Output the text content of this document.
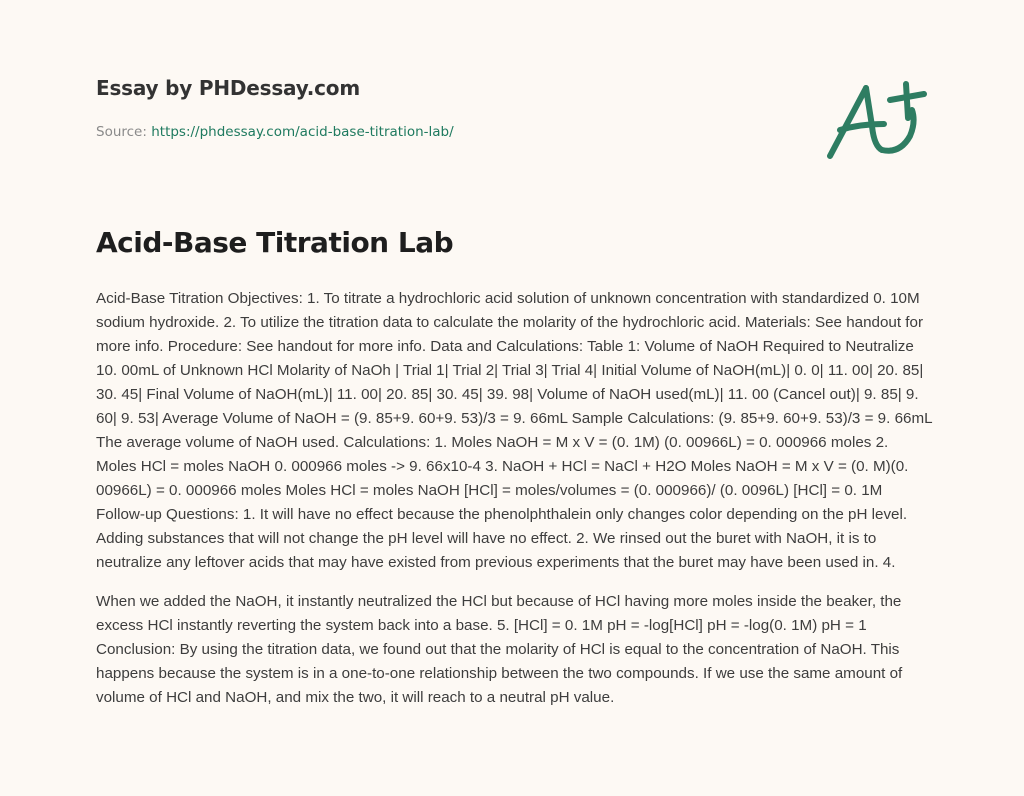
Essay by PHDessay.com
Source: https://phdessay.com/acid-base-titration-lab/
Acid-Base Titration Lab

Acid-Base Titration Objectives: 1. To titrate a hydrochloric acid solution of unknown concentration with standardized 0. 10M sodium hydroxide. 2. To utilize the titration data to calculate the molarity of the hydrochloric acid. Materials: See handout for more info. Procedure: See handout for more info. Data and Calculations: Table 1: Volume of NaOH Required to Neutralize 10. 00mL of Unknown HCl Molarity of NaOh | Trial 1| Trial 2| Trial 3| Trial 4| Initial Volume of NaOH(mL)| 0. 0| 11. 00| 20. 85| 30. 45| Final Volume of NaOH(mL)| 11. 00| 20. 85| 30. 45| 39. 98| Volume of NaOH used(mL)| 11. 00 (Cancel out)| 9. 85| 9. 60| 9. 53| Average Volume of NaOH = (9. 85+9. 60+9. 53)/3 = 9. 66mL Sample Calculations: (9. 85+9. 60+9. 53)/3 = 9. 66mL The average volume of NaOH used. Calculations: 1. Moles NaOH = M x V = (0. 1M) (0. 00966L) = 0. 000966 moles 2. Moles HCl = moles NaOH 0. 000966 moles -> 9. 66x10-4 3. NaOH + HCl = NaCl + H2O Moles NaOH = M x V = (0. M)(0. 00966L) = 0. 000966 moles Moles HCl = moles NaOH [HCl] = moles/volumes = (0. 000966)/ (0. 0096L) [HCl] = 0. 1M Follow-up Questions: 1. It will have no effect because the phenolphthalein only changes color depending on the pH level. Adding substances that will not change the pH level will have no effect. 2. We rinsed out the buret with NaOH, it is to neutralize any leftover acids that may have existed from previous experiments that the buret may have been used in. 4.

When we added the NaOH, it instantly neutralized the HCl but because of HCl having more moles inside the beaker, the excess HCl instantly reverting the system back into a base. 5. [HCl] = 0. 1M pH = -log[HCl] pH = -log(0. 1M) pH = 1 Conclusion: By using the titration data, we found out that the molarity of HCl is equal to the concentration of NaOH. This happens because the system is in a one-to-one relationship between the two compounds. If we use the same amount of volume of HCl and NaOH, and mix the two, it will reach to a neutral pH value.
